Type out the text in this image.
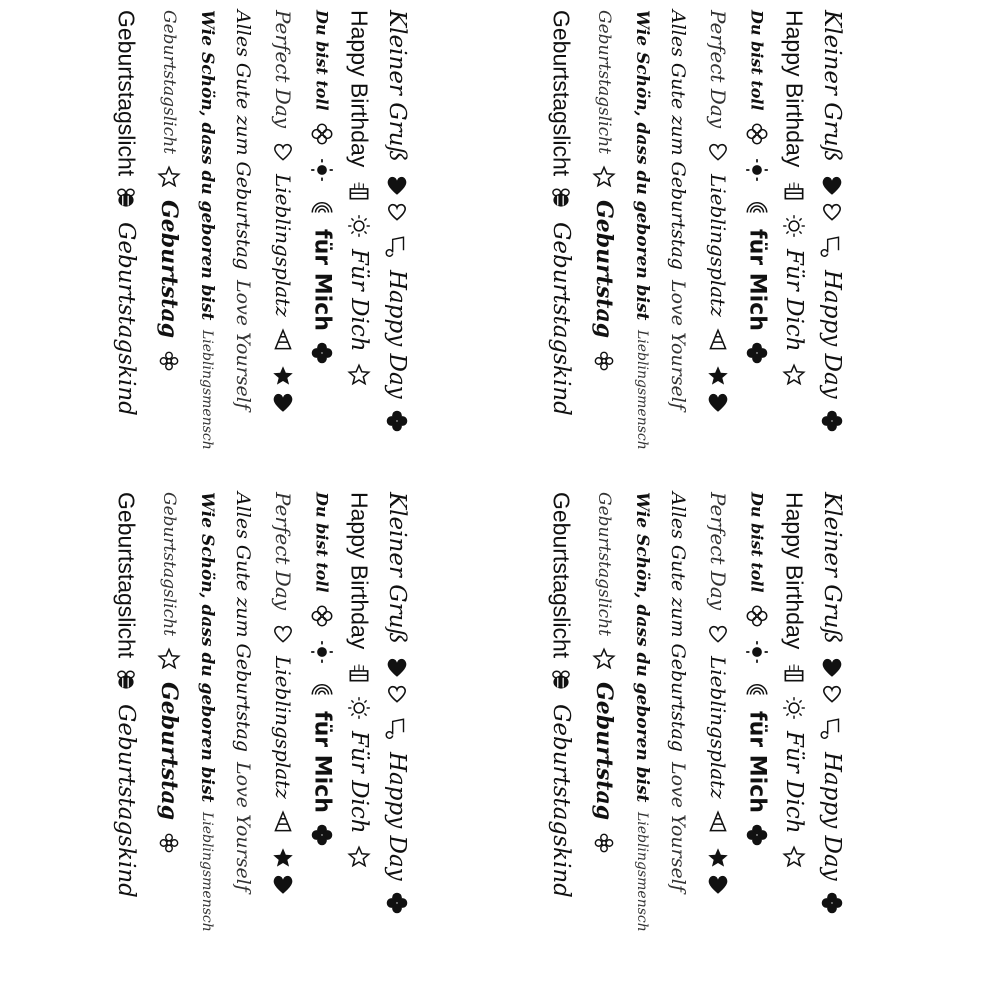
Kleiner Gruß
Happy Day
Happy Birthday
Für Dich
Du bist toll
für Mich
Perfect Day
Lieblingsplatz
Alles Gute zum Geburtstag
Love Yourself
Wie Schön, dass du geboren bist
Lieblingsmensch
Geburtstagslicht
Geburtstag
Geburtstagslicht
Geburtstagskind
Kleiner Gruß
Happy Day
Happy Birthday
Für Dich
Du bist toll
für Mich
Perfect Day
Lieblingsplatz
Alles Gute zum Geburtstag
Love Yourself
Wie Schön, dass du geboren bist
Lieblingsmensch
Geburtstagslicht
Geburtstag
Geburtstagslicht
Geburtstagskind
Kleiner Gruß
Happy Day
Happy Birthday
Für Dich
Du bist toll
für Mich
Perfect Day
Lieblingsplatz
Alles Gute zum Geburtstag
Love Yourself
Wie Schön, dass du geboren bist
Lieblingsmensch
Geburtstagslicht
Geburtstag
Geburtstagslicht
Geburtstagskind
Kleiner Gruß
Happy Day
Happy Birthday
Für Dich
Du bist toll
für Mich
Perfect Day
Lieblingsplatz
Alles Gute zum Geburtstag
Love Yourself
Wie Schön, dass du geboren bist
Lieblingsmensch
Geburtstagslicht
Geburtstag
Geburtstagslicht
Geburtstagskind
